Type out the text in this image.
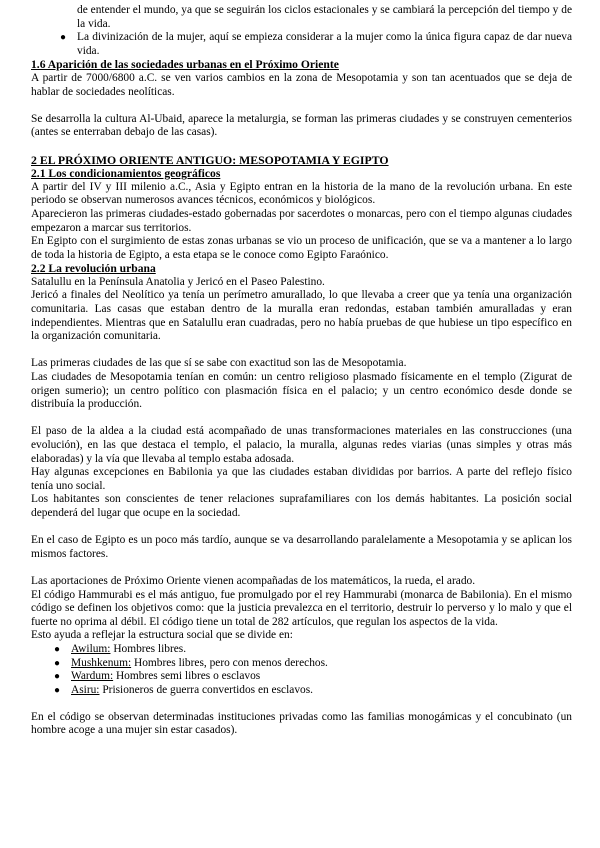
de entender el mundo, ya que se seguirán los ciclos estacionales y se cambiará la percepción del tiempo y de la vida.
● La divinización de la mujer, aquí se empieza considerar a la mujer como la única figura capaz de dar nueva vida.
1.6 Aparición de las sociedades urbanas en el Próximo Oriente

A partir de 7000/6800 a.C. se ven varios cambios en la zona de Mesopotamia y son tan acentuados que se deja de hablar de sociedades neolíticas.

Se desarrolla la cultura Al-Ubaid, aparece la metalurgia, se forman las primeras ciudades y se construyen cementerios (antes se enterraban debajo de las casas).

2 EL PRÓXIMO ORIENTE ANTIGUO: MESOPOTAMIA Y EGIPTO
2.1 Los condicionamientos geográficos

A partir del IV y III milenio a.C., Asia y Egipto entran en la historia de la mano de la revolución urbana. En este periodo se observan numerosos avances técnicos, económicos y biológicos.

Aparecieron las primeras ciudades-estado gobernadas por sacerdotes o monarcas, pero con el tiempo algunas ciudades empezaron a marcar sus territorios.

En Egipto con el surgimiento de estas zonas urbanas se vio un proceso de unificación, que se va a mantener a lo largo de toda la historia de Egipto, a esta etapa se le conoce como Egipto Faraónico.

2.2 La revolución urbana

Satalullu en la Península Anatolia y Jericó en el Paseo Palestino.

Jericó a finales del Neolítico ya tenía un perímetro amurallado, lo que llevaba a creer que ya tenía una organización comunitaria. Las casas que estaban dentro de la muralla eran redondas, estaban también amuralladas y eran independientes. Mientras que en Satalullu eran cuadradas, pero no había pruebas de que hubiese un tipo específico en la organización comunitaria.

Las primeras ciudades de las que sí se sabe con exactitud son las de Mesopotamia.

Las ciudades de Mesopotamia tenían en común: un centro religioso plasmado físicamente en el templo (Zigurat de origen sumerio); un centro político con plasmación física en el palacio; y un centro económico desde donde se distribuía la producción.

El paso de la aldea a la ciudad está acompañado de unas transformaciones materiales en las construcciones (una evolución), en las que destaca el templo, el palacio, la muralla, algunas redes viarias (unas simples y otras más elaboradas) y la vía que llevaba al templo estaba adosada.

Hay algunas excepciones en Babilonia ya que las ciudades estaban divididas por barrios. A parte del reflejo físico tenía uno social.

Los habitantes son conscientes de tener relaciones suprafamiliares con los demás habitantes. La posición social dependerá del lugar que ocupe en la sociedad.

En el caso de Egipto es un poco más tardío, aunque se va desarrollando paralelamente a Mesopotamia y se aplican los mismos factores.

Las aportaciones de Próximo Oriente vienen acompañadas de los matemáticos, la rueda, el arado.

El código Hammurabi es el más antiguo, fue promulgado por el rey Hammurabi (monarca de Babilonia). En el mismo código se definen los objetivos como: que la justicia prevalezca en el territorio, destruir lo perverso y lo malo y que el fuerte no oprima al débil. El código tiene un total de 282 artículos, que regulan los aspectos de la vida.

Esto ayuda a reflejar la estructura social que se divide en:

● Awilum: Hombres libres.
● Mushkenum: Hombres libres, pero con menos derechos.
● Wardum: Hombres semi libres o esclavos
● Asiru: Prisioneros de guerra convertidos en esclavos.

En el código se observan determinadas instituciones privadas como las familias monogámicas y el concubinato (un hombre acoge a una mujer sin estar casados).
